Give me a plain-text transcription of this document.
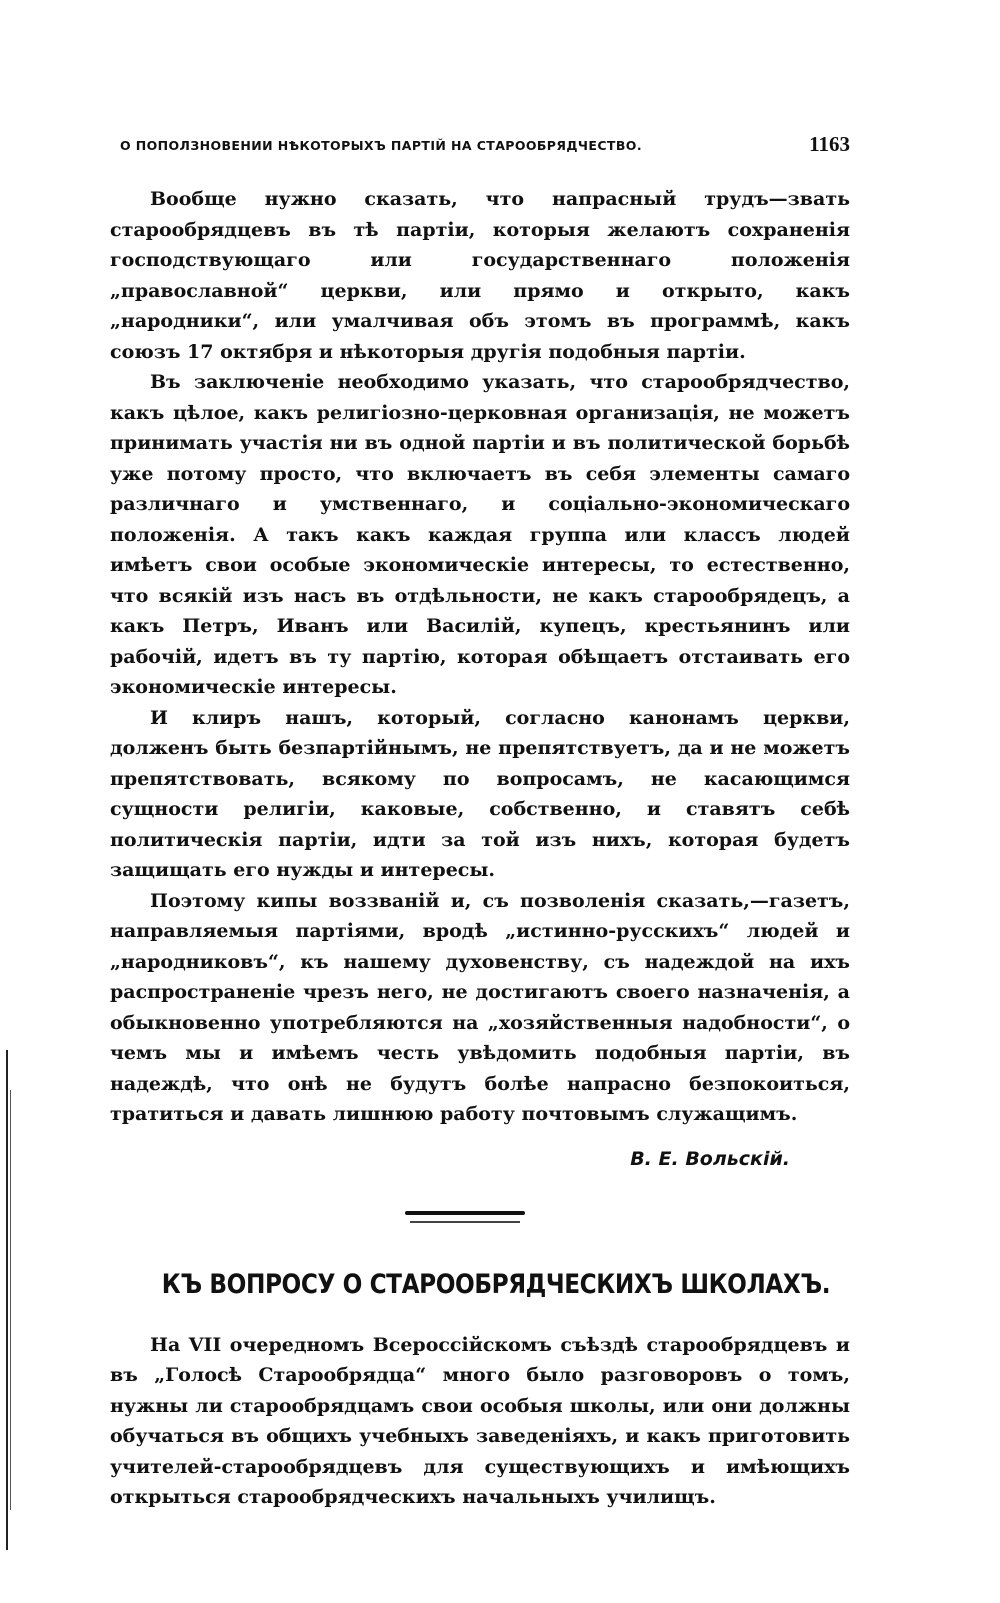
О ПОПОЛЗНОВЕНИИ НѢКОТОРЫХЪ ПАРТІЙ НА СТАРООБРЯДЧЕСТВО.	1163

Вообще нужно сказать, что напрасный трудъ—звать старообрядцевъ въ тѣ партіи, которыя желаютъ сохраненія господствующаго или государственнаго положенія „православной“ церкви, или прямо и открыто, какъ „народники“, или умалчивая объ этомъ въ программѣ, какъ союзъ 17 октября и нѣкоторыя другія подобныя партіи.

Въ заключеніе необходимо указать, что старообрядчество, какъ цѣлое, какъ религіозно-церковная организація, не можетъ принимать участія ни въ одной партіи и въ политической борьбѣ уже потому просто, что включаетъ въ себя элементы самаго различнаго и умственнаго, и соціально-экономическаго положенія. А такъ какъ каждая группа или классъ людей имѣетъ свои особые экономическіе интересы, то естественно, что всякій изъ насъ въ отдѣльности, не какъ старообрядецъ, а какъ Петръ, Иванъ или Василій, купецъ, крестьянинъ или рабочій, идетъ въ ту партію, которая обѣщаетъ отстаивать его экономическіе интересы.

И клиръ нашъ, который, согласно канонамъ церкви, долженъ быть безпартійнымъ, не препятствуетъ, да и не можетъ препятствовать, всякому по вопросамъ, не касающимся сущности религіи, каковые, собственно, и ставятъ себѣ политическія партіи, идти за той изъ нихъ, которая будетъ защищать его нужды и интересы.

Поэтому кипы воззваній и, съ позволенія сказать,—газетъ, направляемыя партіями, вродѣ „истинно-русскихъ“ людей и „народниковъ“, къ нашему духовенству, съ надеждой на ихъ распространеніе чрезъ него, не достигаютъ своего назначенія, а обыкновенно употребляются на „хозяйственныя надобности“, о чемъ мы и имѣемъ честь увѣдомить подобныя партіи, въ надеждѣ, что онѣ не будутъ болѣе напрасно безпокоиться, тратиться и давать лишнюю работу почтовымъ служащимъ.

В. Е. Вольскій.
КЪ ВОПРОСУ О СТАРООБРЯДЧЕСКИХЪ ШКОЛАХЪ.

На VII очередномъ Всероссійскомъ съѣздѣ старообрядцевъ и въ „Голосѣ Старообрядца“ много было разговоровъ о томъ, нужны ли старообрядцамъ свои особыя школы, или они должны обучаться въ общихъ учебныхъ заведеніяхъ, и какъ приготовить учителей-старообрядцевъ для существующихъ и имѣющихъ открыться старообрядческихъ начальныхъ училищъ.
